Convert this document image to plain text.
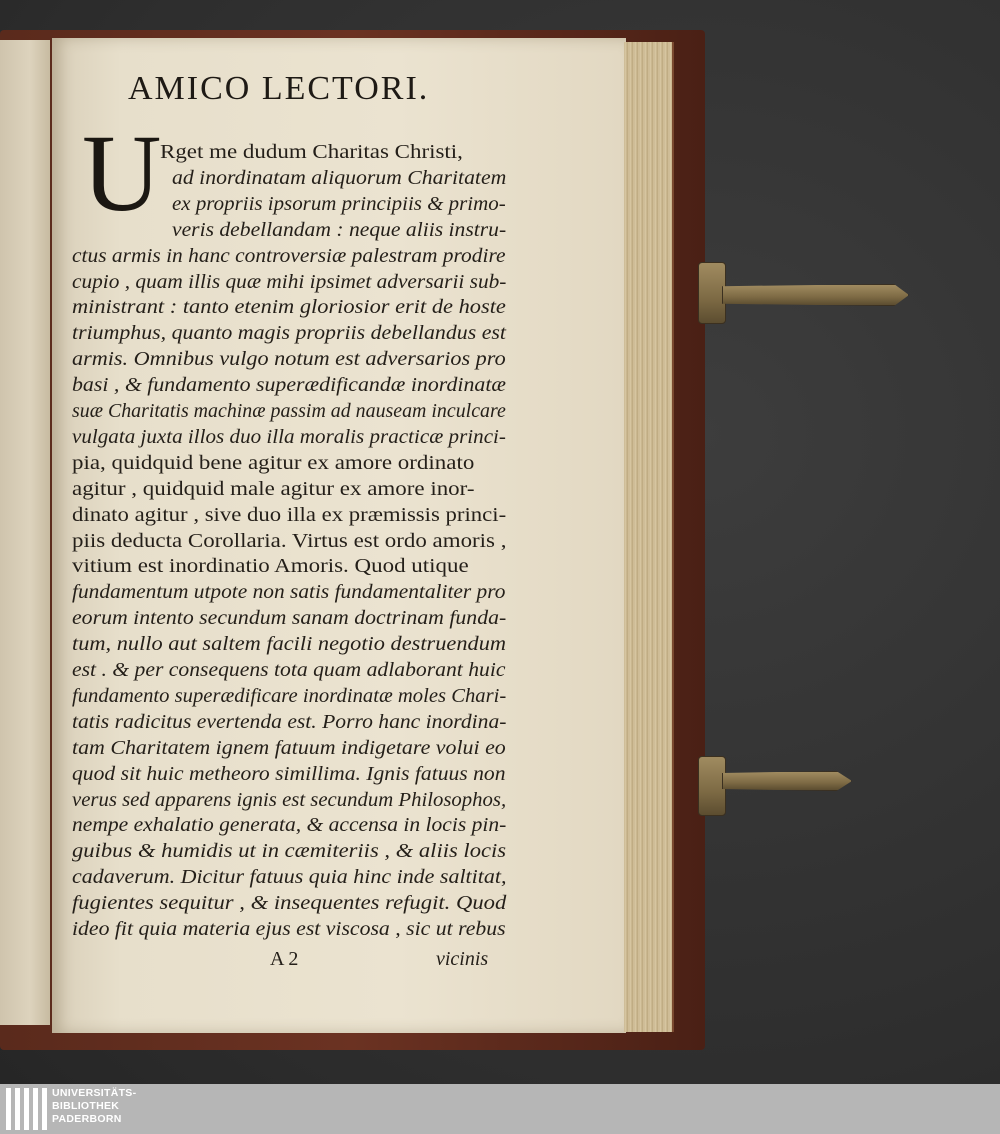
AMICO LECTORI.
U
Rget me dudum Charitas Christi,
ad inordinatam aliquorum Charitatem
ex propriis ipsorum principiis & primo-
veris debellandam : neque aliis instru-
ctus armis in hanc controversiæ palestram prodire
cupio , quam illis quæ mihi ipsimet adversarii sub-
ministrant : tanto etenim gloriosior erit de hoste
triumphus, quanto magis propriis debellandus est
armis. Omnibus vulgo notum est adversarios pro
basi , & fundamento superædificandæ inordinatæ
suæ Charitatis machinæ passim ad nauseam inculcare
vulgata juxta illos duo illa moralis practicæ princi-
pia, quidquid bene agitur ex amore ordinato
agitur , quidquid male agitur ex amore inor-
dinato agitur , sive duo illa ex præmissis princi-
piis deducta Corollaria. Virtus est ordo amoris ,
vitium est inordinatio Amoris. Quod utique
fundamentum utpote non satis fundamentaliter pro
eorum intento secundum sanam doctrinam funda-
tum, nullo aut saltem facili negotio destruendum
est . & per consequens tota quam adlaborant huic
fundamento superædificare inordinatæ moles Chari-
tatis radicitus evertenda est. Porro hanc inordina-
tam Charitatem ignem fatuum indigetare volui eo
quod sit huic metheoro simillima. Ignis fatuus non
verus sed apparens ignis est secundum Philosophos,
nempe exhalatio generata, & accensa in locis pin-
guibus & humidis ut in cæmiteriis , & aliis locis
cadaverum. Dicitur fatuus quia hinc inde saltitat,
fugientes sequitur , & insequentes refugit. Quod
ideo fit quia materia ejus est viscosa , sic ut rebus
A 2	vicinis
UNIVERSITÄTS-
BIBLIOTHEK
PADERBORN
